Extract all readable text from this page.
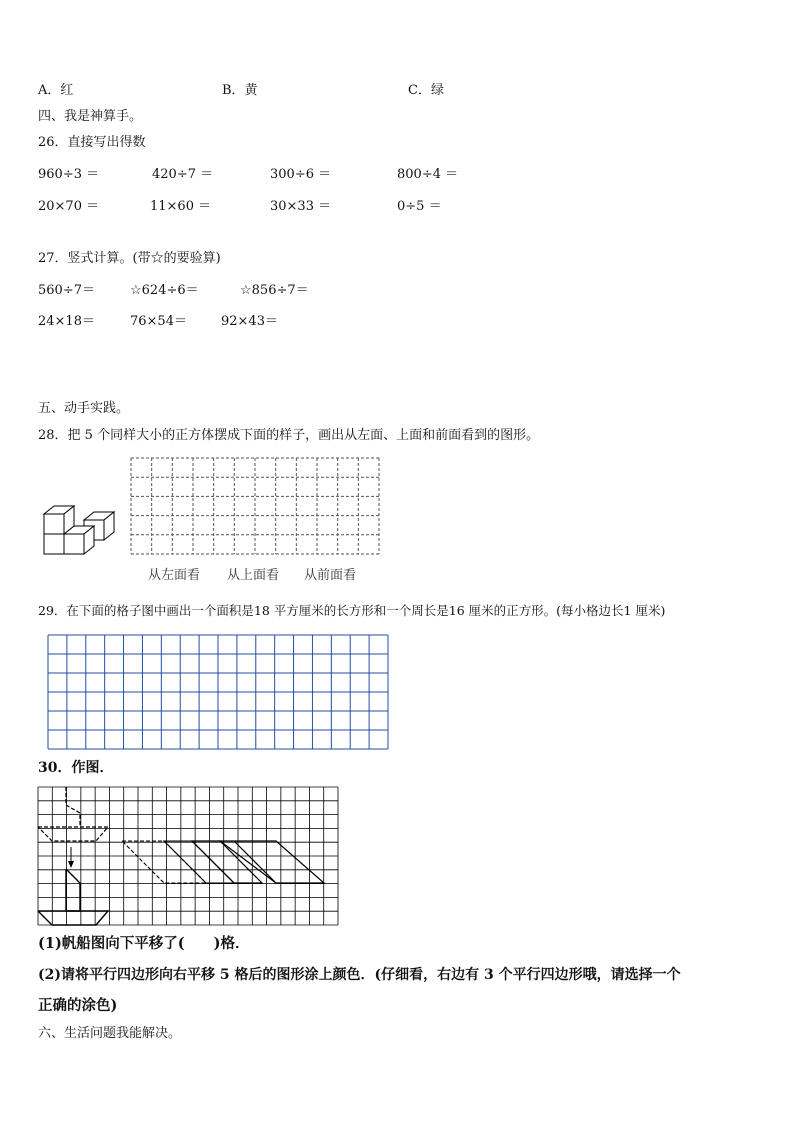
A．红	B．黄	C．绿
四、我是神算手。
26．直接写出得数
960÷3 ＝	420÷7 ＝	300÷6 ＝	800÷4 ＝
20×70 ＝	11×60 ＝	30×33 ＝	0÷5 ＝
27．竖式计算。(带☆的要验算)
560÷7＝	☆624÷6＝	☆856÷7＝
24×18＝	76×54＝	92×43＝
五、动手实践。
28．把 5 个同样大小的正方体摆成下面的样子，画出从左面、上面和前面看到的图形。
从左面看 从上面看 从前面看
29．在下面的格子图中画出一个面积是18 平方厘米的长方形和一个周长是16 厘米的正方形。(每小格边长1 厘米)
30．作图．
(1)帆船图向下平移了(　　)格．
(2)请将平行四边形向右平移 5 格后的图形涂上颜色．(仔细看，右边有 3 个平行四边形哦，请选择一个
正确的涂色)
六、生活问题我能解决。
